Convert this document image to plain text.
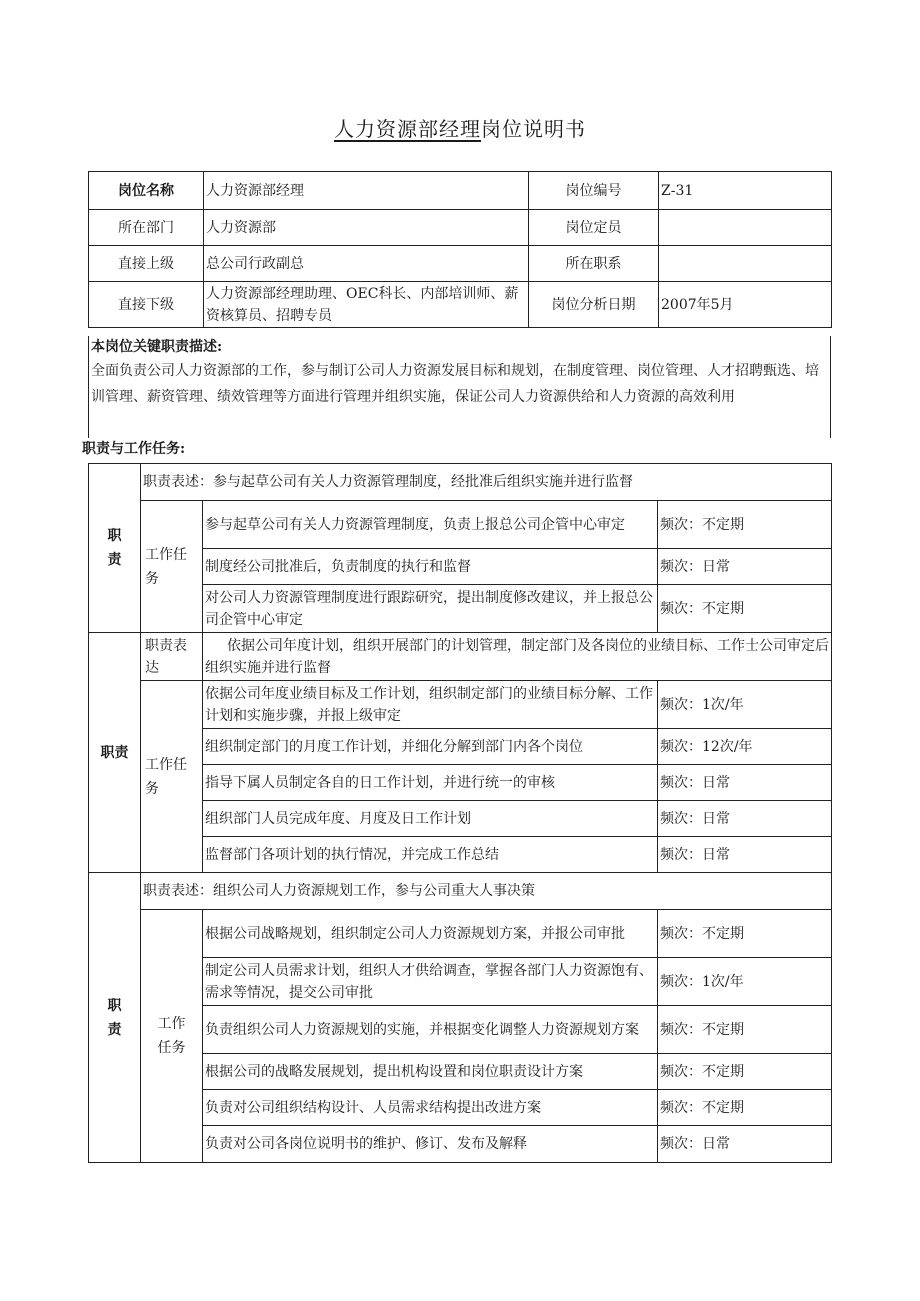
人力资源部经理岗位说明书
岗位名称	人力资源部经理	岗位编号	Z-31
所在部门	人力资源部	岗位定员	
直接上级	总公司行政副总	所在职系	
直接下级	人力资源部经理助理、OEC科长、内部培训师、薪资核算员、招聘专员	岗位分析日期	2007年5月
本岗位关键职责描述:
全面负责公司人力资源部的工作，参与制订公司人力资源发展目标和规划，在制度管理、岗位管理、人才招聘甄选、培训管理、薪资管理、绩效管理等方面进行管理并组织实施，保证公司人力资源供给和人力资源的高效利用
职责与工作任务:
职
责	职责表述：参与起草公司有关人力资源管理制度，经批准后组织实施并进行监督		
	工作任
务	参与起草公司有关人力资源管理制度，负责上报总公司企管中心审定	频次：不定期
		制度经公司批准后，负责制度的执行和监督	频次：日常
		对公司人力资源管理制度进行跟踪研究，提出制度修改建议，并上报总公司企管中心审定	频次：不定期
职责	职责表达	依据公司年度计划，组织开展部门的计划管理，制定部门及各岗位的业绩目标、工作士公司审定后组织实施并进行监督	
	工作任
务	依据公司年度业绩目标及工作计划，组织制定部门的业绩目标分解、工作计划和实施步骤，并报上级审定	频次：1次/年
		组织制定部门的月度工作计划，并细化分解到部门内各个岗位	频次：12次/年
		指导下属人员制定各自的日工作计划，并进行统一的审核	频次：日常
		组织部门人员完成年度、月度及日工作计划	频次：日常
		监督部门各项计划的执行情况，并完成工作总结	频次：日常
职
责	职责表述：组织公司人力资源规划工作，参与公司重大人事决策		
	工作
任务	根据公司战略规划，组织制定公司人力资源规划方案，并报公司审批	频次：不定期
		制定公司人员需求计划，组织人才供给调查，掌握各部门人力资源饱有、需求等情况，提交公司审批	频次：1次/年
		负责组织公司人力资源规划的实施，并根据变化调整人力资源规划方案	频次：不定期
		根据公司的战略发展规划，提出机构设置和岗位职责设计方案	频次：不定期
		负责对公司组织结构设计、人员需求结构提出改进方案	频次：不定期
		负责对公司各岗位说明书的维护、修订、发布及解释	频次：日常
